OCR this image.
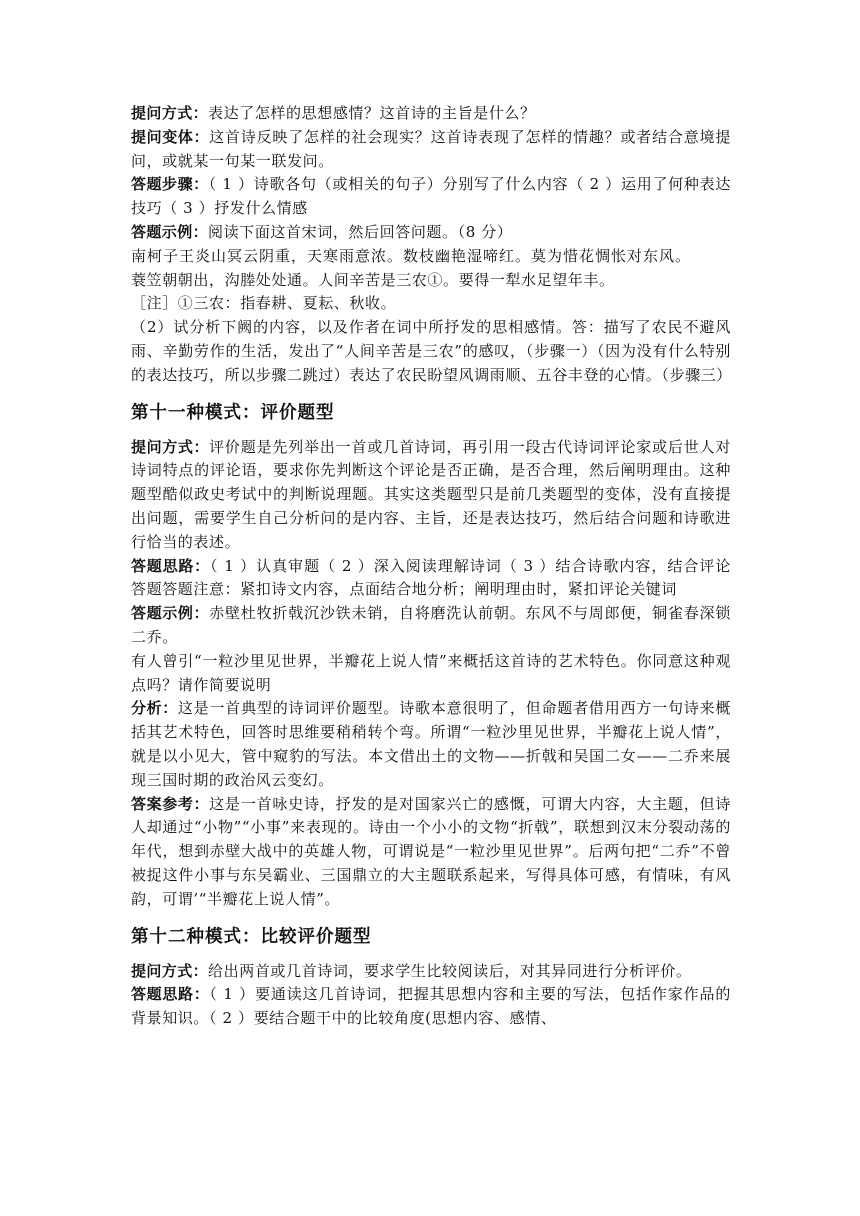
提问方式：表达了怎样的思想感情？这首诗的主旨是什么？

提问变体：这首诗反映了怎样的社会现实？这首诗表现了怎样的情趣？或者结合意境提问，或就某一句某一联发问。

答题步骤：（ 1 ）诗歌各句（或相关的句子）分别写了什么内容（ 2 ）运用了何种表达技巧（ 3 ）抒发什么情感

答题示例：阅读下面这首宋词，然后回答问题。（8 分）

南柯子王炎山冥云阴重，天寒雨意浓。数枝幽艳湿啼红。莫为惜花惆怅对东风。蓑笠朝朝出，沟塍处处通。人间辛苦是三农①。要得一犁水足望年丰。

［注］①三农：指春耕、夏耘、秋收。

（2）试分析下阙的内容，以及作者在词中所抒发的思相感情。答：描写了农民不避风雨、辛勤劳作的生活，发出了“人间辛苦是三农”的感叹，（步骤一）（因为没有什么特别的表达技巧，所以步骤二跳过）表达了农民盼望风调雨顺、五谷丰登的心情。（步骤三）

第十一种模式：评价题型

提问方式：评价题是先列举出一首或几首诗词，再引用一段古代诗词评论家或后世人对诗词特点的评论语，要求你先判断这个评论是否正确，是否合理，然后阐明理由。这种题型酷似政史考试中的判断说理题。其实这类题型只是前几类题型的变体，没有直接提出问题，需要学生自己分析问的是内容、主旨，还是表达技巧，然后结合问题和诗歌进行恰当的表述。

答题思路：（ 1 ）认真审题（ 2 ）深入阅读理解诗词（ 3 ）结合诗歌内容，结合评论答题答题注意：紧扣诗文内容，点面结合地分析；阐明理由时，紧扣评论关键词

答题示例：赤壁杜牧折戟沉沙铁未销，自将磨洗认前朝。东风不与周郎便，铜雀春深锁二乔。

有人曾引“一粒沙里见世界，半瓣花上说人情”来概括这首诗的艺术特色。你同意这种观点吗？请作简要说明

分析：这是一首典型的诗词评价题型。诗歌本意很明了，但命题者借用西方一句诗来概括其艺术特色，回答时思维要稍稍转个弯。所谓“一粒沙里见世界，半瓣花上说人情”，就是以小见大，管中窥豹的写法。本文借出土的文物——折戟和吴国二女——二乔来展现三国时期的政治风云变幻。

答案参考：这是一首咏史诗，抒发的是对国家兴亡的感慨，可谓大内容，大主题，但诗人却通过“小物”“小事”来表现的。诗由一个小小的文物“折戟”，联想到汉末分裂动荡的年代，想到赤壁大战中的英雄人物，可谓说是“一粒沙里见世界”。后两句把“二乔”不曾被捉这件小事与东吴霸业、三国鼎立的大主题联系起来，写得具体可感，有情味，有风韵，可谓’“半瓣花上说人情”。

第十二种模式：比较评价题型

提问方式：给出两首或几首诗词，要求学生比较阅读后，对其异同进行分析评价。

答题思路：（ 1 ）要通读这几首诗词，把握其思想内容和主要的写法，包括作家作品的背景知识。（ 2 ）要结合题干中的比较角度(思想内容、感情、
